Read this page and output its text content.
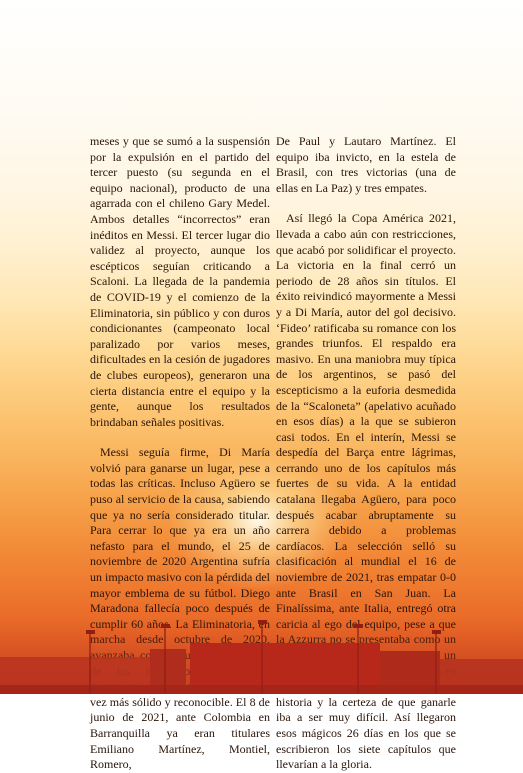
meses y que se sumó a la suspensión por la expulsión en el partido del tercer puesto (su segunda en el equipo nacional), producto de una agarrada con el chileno Gary Medel. Ambos detalles “incorrectos” eran inéditos en Messi. El tercer lugar dio validez al proyecto, aunque los escépticos seguían criticando a Scaloni. La llegada de la pandemia de COVID-19 y el comienzo de la Eliminatoria, sin público y con duros condicionantes (campeonato local paralizado por varios meses, dificultades en la cesión de jugadores de clubes europeos), generaron una cierta distancia entre el equipo y la gente, aunque los resultados brindaban señales positivas.

Messi seguía firme, Di María volvió para ganarse un lugar, pese a todas las críticas. Incluso Agüero se puso al servicio de la causa, sabiendo que ya no sería considerado titular. Para cerrar lo que ya era un año nefasto para el mundo, el 25 de noviembre de 2020 Argentina sufría un impacto masivo con la pérdida del mayor emblema de su fútbol. Diego Maradona fallecía poco después de vez más sólido y reconocible. El 8 de junio de 2021, ante Colombia en Barranquilla ya eran titulares Emiliano Martínez, Montiel, Romero,

De Paul y Lautaro Martínez. El equipo iba invicto, en la estela de Brasil, con tres victorias (una de ellas en La Paz) y tres empates.

Así llegó la Copa América 2021, llevada a cabo aún con restricciones, que acabó por solidificar el proyecto. La victoria en la final cerró un periodo de 28 años sin títulos. El éxito reivindicó mayormente a Messi y a Di María, autor del gol decisivo. ‘Fideo’ ratificaba su romance con los grandes triunfos. El respaldo era masivo. En una maniobra muy típica de los argentinos, se pasó del escepticismo a la euforia desmedida de la “Scaloneta” (apelativo acuñado en esos días) a la que se subieron casi todos. En el interín, Messi se despedía del Barça entre lágrimas, cerrando uno de los capítulos más fuertes de su vida. A la entidad catalana llegaba Agüero, para poco después acabar abruptamente su carrera debido a problemas cardíacos. La selección selló su clasificación al mundial el 16 de noviembre de 2021, tras empatar 0-0 ante Brasil en San Juan. La Finalíssima, ante Italia, entregó otra historia y la certeza de que ganarle iba a ser muy difícil. Así llegaron esos mágicos 26 días en los que se escribieron los siete capítulos que llevarían a la gloria.
